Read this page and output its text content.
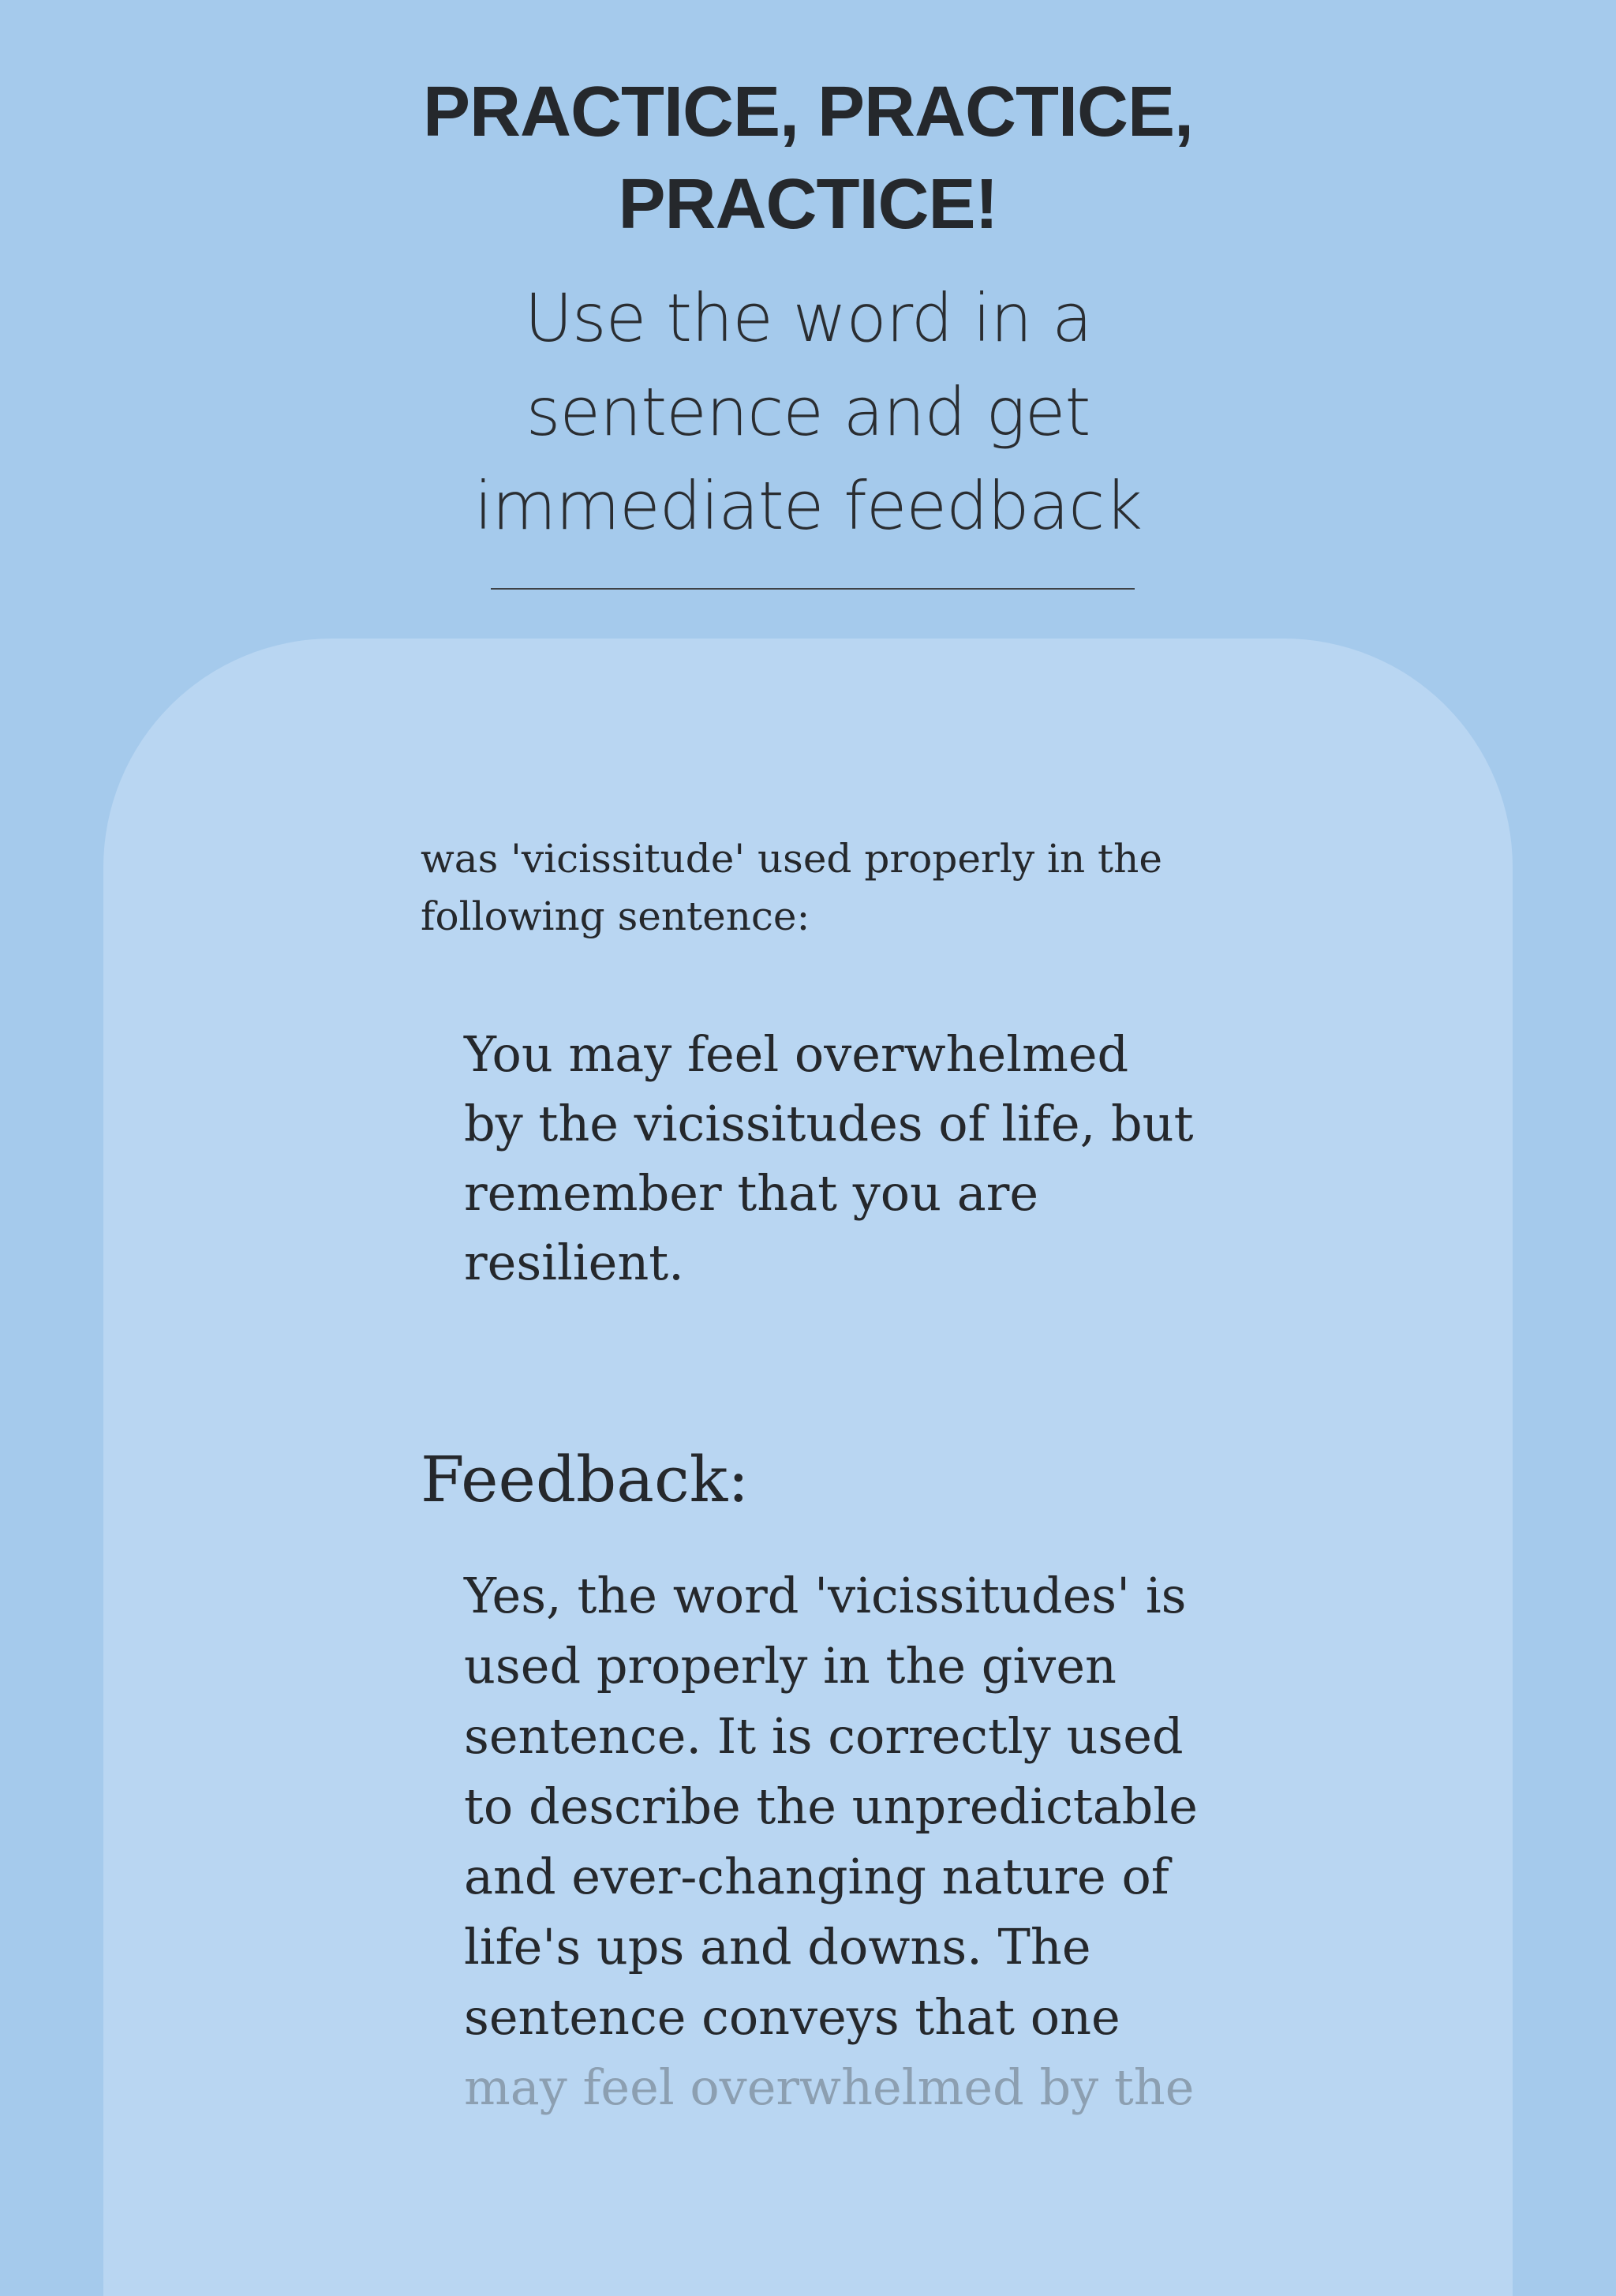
PRACTICE, PRACTICE,
PRACTICE!

Use the word in a
sentence and get
immediate feedback

was 'vicissitude' used properly in the
following sentence:

You may feel overwhelmed
by the vicissitudes of life, but
remember that you are
resilient.
Feedback:
Yes, the word 'vicissitudes' is
used properly in the given
sentence. It is correctly used
to describe the unpredictable
and ever-changing nature of
life's ups and downs. The
sentence conveys that one
may feel overwhelmed by the
